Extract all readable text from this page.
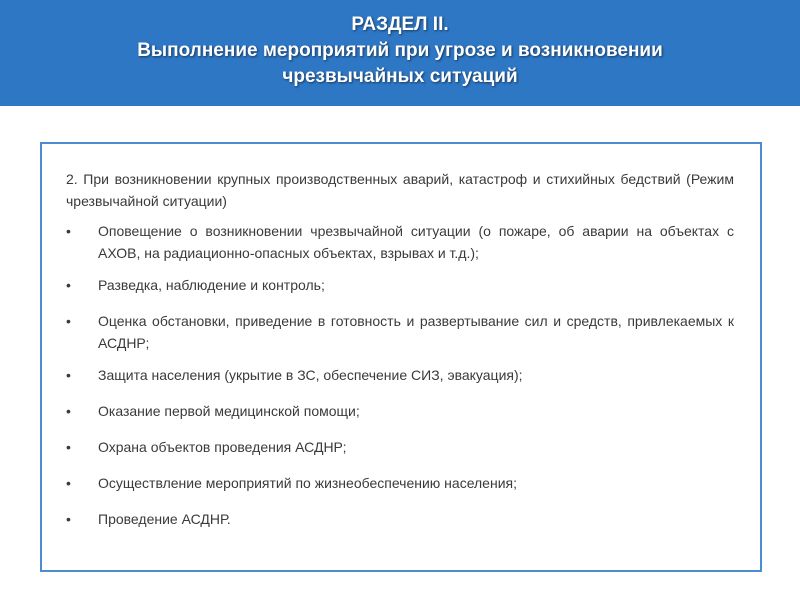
РАЗДЕЛ II.

Выполнение мероприятий при угрозе и возникновении

чрезвычайных ситуаций

2. При возникновении крупных производственных аварий, катастроф и стихийных бедствий (Режим чрезвычайной ситуации)

•	Оповещение о возникновении чрезвычайной ситуации (о пожаре, об аварии на объектах с АХОВ, на радиационно-опасных объектах, взрывах и т.д.);
•	Разведка, наблюдение и контроль;
•	Оценка обстановки, приведение в готовность и развертывание сил и средств, привлекаемых к АСДНР;
•	Защита населения (укрытие в ЗС, обеспечение СИЗ, эвакуация);
•	Оказание первой медицинской помощи;
•	Охрана объектов проведения АСДНР;
•	Осуществление мероприятий по жизнеобеспечению населения;
•	Проведение АСДНР.
